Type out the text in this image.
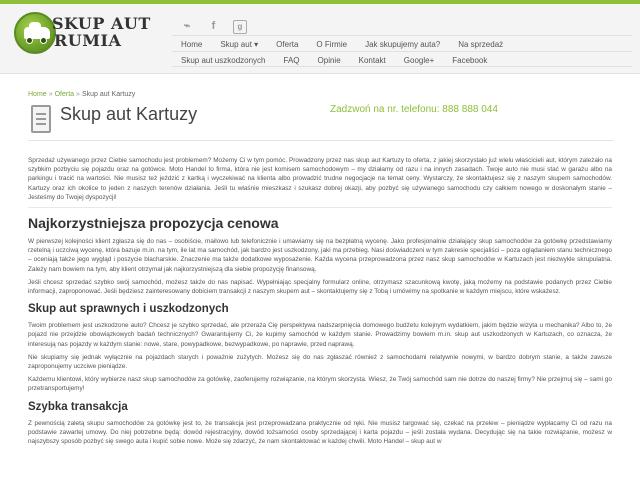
SKUP AUT
RUMIA
⌁ f	g
Home	Skup aut ▾	Oferta	O Firmie	Jak skupujemy auta?	Na sprzedaż
Skup aut uszkodzonych	FAQ	Opinie	Kontakt	Google+	Facebook
Home » Oferta » Skup aut Kartuzy
Skup aut Kartuzy	Zadzwoń na nr. telefonu: 888 888 044

Sprzedaż używanego przez Ciebie samochodu jest problemem? Możemy Ci w tym pomóc. Prowadzony przez nas skup aut Kartuzy to oferta, z jakiej skorzystało już wielu właścicieli aut, którym zależało na szybkim pozbyciu się pojazdu oraz na gotówce. Moto Handel to firma, która nie jest komisem samochodowym – my działamy od razu i na innych zasadach. Twoje auto nie musi stać w garażu albo na parkingu i tracić na wartości. Nie musisz też jeździć z kartką i wyczekiwać na klienta albo prowadzić trudne negocjacje na temat ceny. Wystarczy, że skontaktujesz się z naszym skupem samochodów. Kartuzy oraz ich okolice to jeden z naszych terenów działania. Jeśli tu właśnie mieszkasz i szukasz dobrej okazji, aby pozbyć się używanego samochodu czy całkiem nowego w doskonałym stanie – Jesteśmy do Twojej dyspozycji!

Najkorzystniejsza propozycja cenowa

W pierwszej kolejności klient zgłasza się do nas – osobiście, mailowo lub telefonicznie i umawiamy się na bezpłatną wycenę. Jako profesjonalnie działający skup samochodów za gotówkę przedstawiamy rzetelną i uczciwą wycenę, która bazuje m.in. na tym, ile lat ma samochód, jak bardzo jest uszkodzony, jaki ma przebieg. Nasi doświadczeni w tym zakresie specjaliści – poza oglądaniem stanu technicznego – oceniają także jego wygląd i poszycie blacharskie. Znaczenie ma także dodatkowe wyposażenie. Każda wycena przeprowadzona przez nasz skup samochodów w Kartuzach jest niezwykle skrupulatna. Zależy nam bowiem na tym, aby klient otrzymał jak najkorzystniejszą dla siebie propozycję finansową.

Jeśli chcesz sprzedać szybko swój samochód, możesz także do nas napisać. Wypełniając specjalny formularz online, otrzymasz szacunkową kwotę, jaką możemy na podstawie podanych przez Ciebie informacji, zaproponować. Jeśli będziesz zainteresowany dobiciem transakcji z naszym skupem aut – skontaktujemy się z Tobą i umówimy na spotkanie w każdym miejscu, które wskażesz.

Skup aut sprawnych i uszkodzonych

Twoim problemem jest uszkodzone auto? Chcesz je szybko sprzedać, ale przeraża Cię perspektywa nadszarpnięcia domowego budżetu kolejnym wydatkiem, jakim będzie wizyta u mechanika? Albo to, że pojazd nie przejdzie obowiązkowych badań technicznych? Gwarantujemy Ci, że kupimy samochód w każdym stanie. Prowadzimy bowiem m.in. skup aut uszkodzonych w Kartuzach, co oznacza, że interesują nas pojazdy w każdym stanie: nowe, stare, powypadkowe, bezwypadkowe, po naprawie, przed naprawą.

Nie skupiamy się jednak wyłącznie na pojazdach starych i poważnie zużytych. Możesz się do nas zgłaszać również z samochodami relatywnie nowymi, w bardzo dobrym stanie, a także zawsze zaproponujemy uczciwe pieniądze.

Każdemu klientowi, który wybierze nasz skup samochodów za gotówkę, zaoferujemy rozwiązanie, na którym skorzysta. Wiesz, że Twój samochód sam nie dotrze do naszej firmy? Nie przejmuj się – sami go przetransportujemy!

Szybka transakcja

Z pewnością zaletą skupu samochodów za gotówkę jest to, że transakcja jest przeprowadzana praktycznie od ręki. Nie musisz targować się, czekać na przelew – pieniądze wypłacamy Ci od razu na podstawie zawartej umowy. Do niej potrzebne będą: dowód rejestracyjny, dowód tożsamości osoby sprzedającej i karta pojazdu – jeśli została wydana. Decydując się na takie rozwiązanie, możesz w najszybszy sposób pozbyć się swego auta i kupić sobie nowe. Może się zdarzyć, że nam skontaktować w każdej chwili. Moto Handel – skup aut w
